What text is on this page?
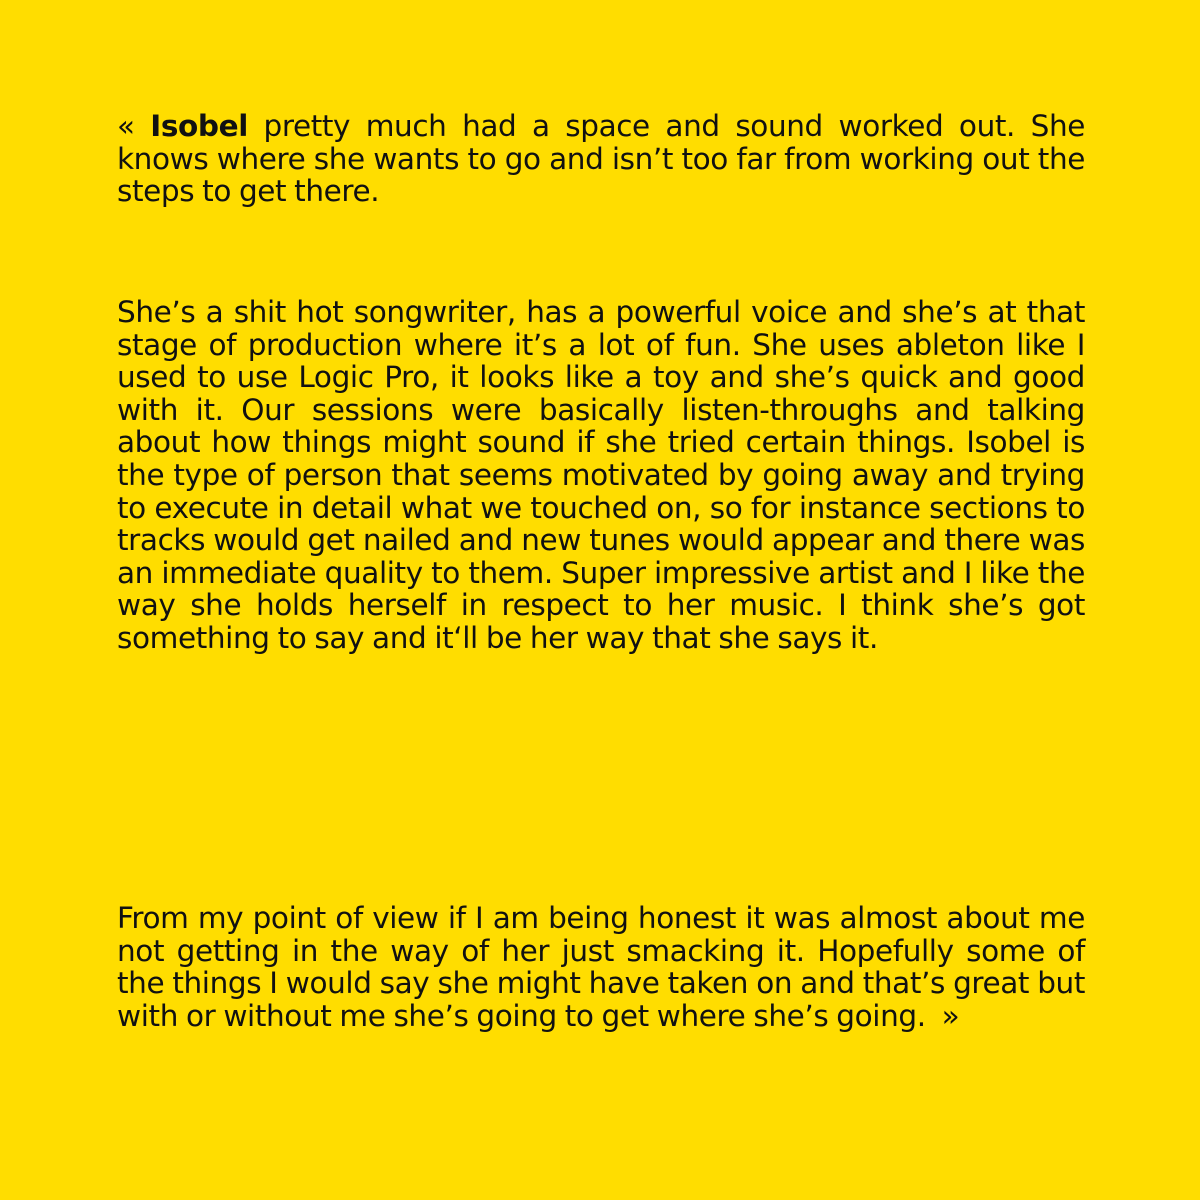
« Isobel pretty much had a space and sound worked out. She knows where she wants to go and isn’t too far from working out the steps to get there.

She’s a shit hot songwriter, has a powerful voice and she’s at that stage of production where it’s a lot of fun. She uses ableton like I used to use Logic Pro, it looks like a toy and she’s quick and good with it. Our sessions were basically listen-throughs and talking about how things might sound if she tried certain things. Isobel is the type of person that seems motivated by going away and trying to execute in detail what we touched on, so for instance sections to tracks would get nailed and new tunes would appear and there was an immediate quality to them. Super impressive artist and I like the way she holds herself in respect to her music. I think she’s got something to say and it‘ll be her way that she says it.

From my point of view if I am being honest it was almost about me not getting in the way of her just smacking it. Hopefully some of the things I would say she might have taken on and that’s great but with or without me she’s going to get where she’s going. »
